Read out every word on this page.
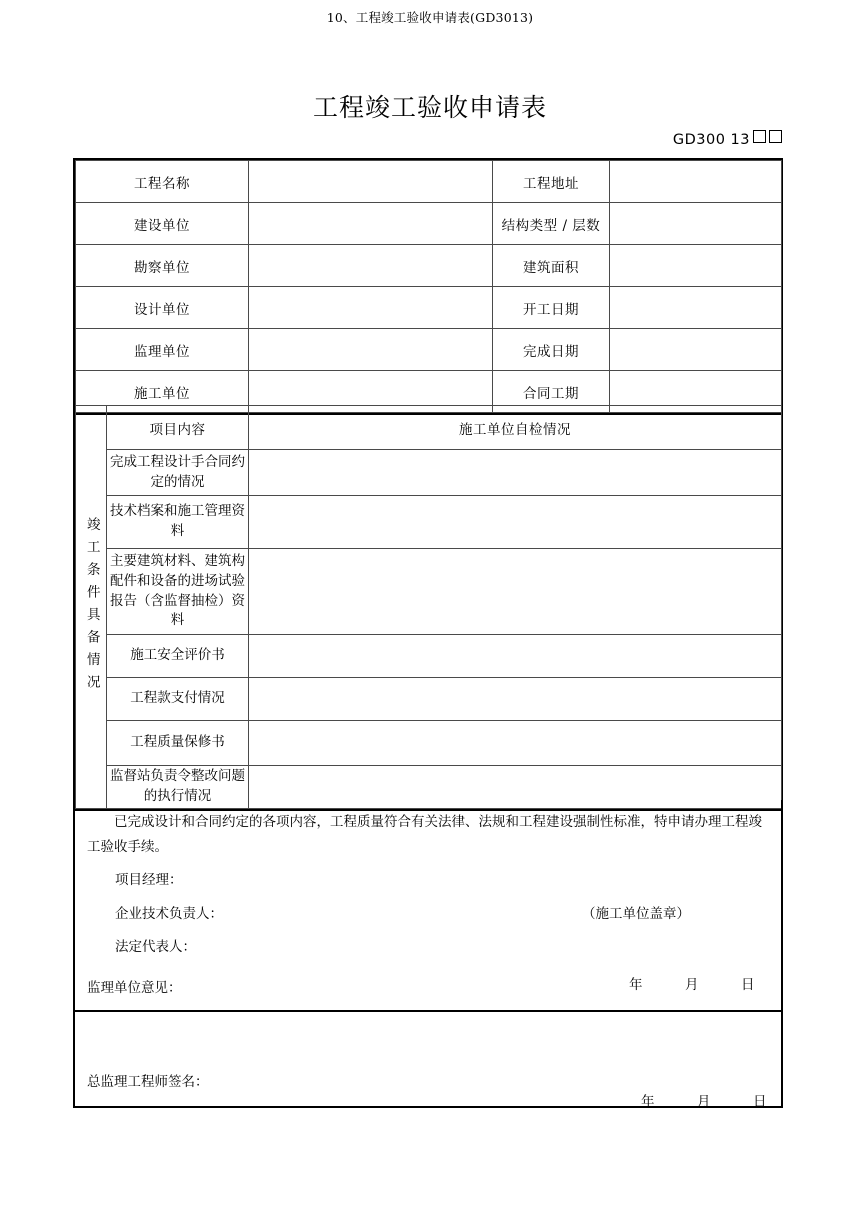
10、工程竣工验收申请表(GD3013)
工程竣工验收申请表
GD300 13
工程名称		工程地址	
建设单位		结构类型 / 层数	
勘察单位		建筑面积	
设计单位		开工日期	
监理单位		完成日期	
施工单位		合同工期	
竣工条件具备情况	项目内容	施工单位自检情况
	完成工程设计手合同约定的情况	
	技术档案和施工管理资料	
	主要建筑材料、建筑构配件和设备的进场试验报告（含监督抽检）资料	
	施工安全评价书	
	工程款支付情况	
	工程质量保修书	
	监督站负责令整改问题的执行情况	

已完成设计和合同约定的各项内容，工程质量符合有关法律、法规和工程建设强制性标准，特申请办理工程竣工验收手续。

项目经理：

企业技术负责人：	（施工单位盖章）

法定代表人：

年	月	日

监理单位意见：

总监理工程师签名：

年	月	日
